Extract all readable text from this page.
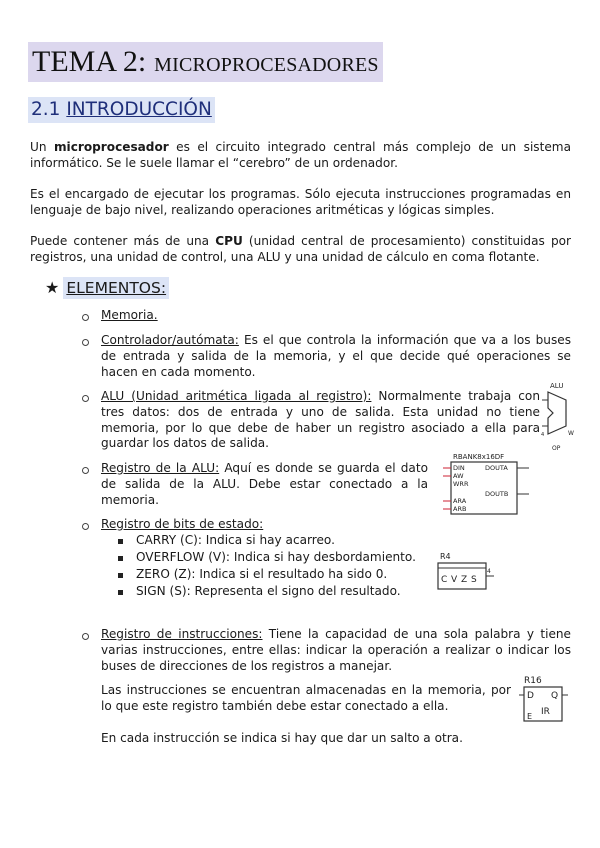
TEMA 2: MICROPROCESADORES
2.1 INTRODUCCIÓN
Un microprocesador es el circuito integrado central más complejo de un sistema informático. Se le suele llamar el “cerebro” de un ordenador.
Es el encargado de ejecutar los programas. Sólo ejecuta instrucciones programadas en lenguaje de bajo nivel, realizando operaciones aritméticas y lógicas simples.
Puede contener más de una CPU (unidad central de procesamiento) constituidas por registros, una unidad de control, una ALU y una unidad de cálculo en coma flotante.
★ ELEMENTOS:
Memoria.
Controlador/autómata: Es el que controla la información que va a los buses de entrada y salida de la memoria, y el que decide qué operaciones se hacen en cada momento.
ALU (Unidad aritmética ligada al registro): Normalmente trabaja con tres datos: dos de entrada y uno de salida. Esta unidad no tiene memoria, por lo que debe de haber un registro asociado a ella para guardar los datos de salida.
ALU
W
OP
4
Registro de la ALU: Aquí es donde se guarda el dato de salida de la ALU. Debe estar conectado a la memoria.
RBANK8x16DF
DIN
AW
WRR
ARA
ARB
DOUTA
DOUTB
Registro de bits de estado:
CARRY (C): Indica si hay acarreo.
OVERFLOW (V): Indica si hay desbordamiento.
ZERO (Z): Indica si el resultado ha sido 0.
SIGN (S): Representa el signo del resultado.
R4
C V Z S
4
Registro de instrucciones: Tiene la capacidad de una sola palabra y tiene varias instrucciones, entre ellas: indicar la operación a realizar o indicar los buses de direcciones de los registros a manejar.
Las instrucciones se encuentran almacenadas en la memoria, por lo que este registro también debe estar conectado a ella.
En cada instrucción se indica si hay que dar un salto a otra.
R16
D Q
E IR
